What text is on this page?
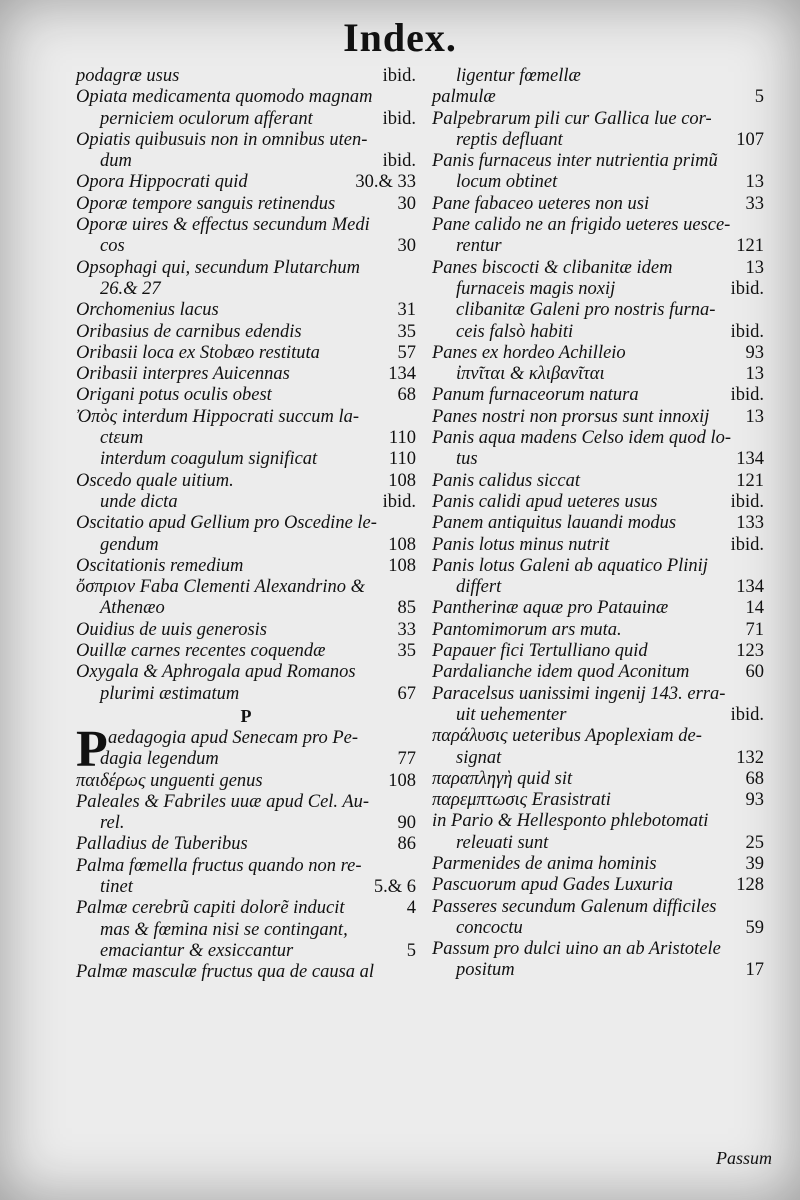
Index.
podagræ usus	ibid.
Opiata medicamenta quomodo magnam
perniciem oculorum afferant	ibid.
Opiatis quibusuis non in omnibus uten-
dum	ibid.
Opora Hippocrati quid	30.& 33
Oporæ tempore sanguis retinendus	30
Oporæ uires & effectus secundum Medi
cos	30
Opsophagi qui, secundum Plutarchum
26.& 27
Orchomenius lacus	31
Oribasius de carnibus edendis	35
Oribasii loca ex Stobæo restituta	57
Oribasii interpres Auicennas	134
Origani potus oculis obest	68
Ὀπὸς interdum Hippocrati succum la-
ctεum	110
interdum coagulum significat	110
Oscedo quale uitium.	108
unde dicta	ibid.
Oscitatio apud Gellium pro Oscedine le-
gendum	108
Oscitationis remedium	108
ὄσπριον Faba Clementi Alexandrino &
Athenæo	85
Ouidius de uuis generosis	33
Ouillæ carnes recentes coquendæ	35
Oxygala & Aphrogala apud Romanos
plurimi æstimatum	67
P
P aedagogia apud Senecam pro Pe-
dagia legendum	77
παιδέρως unguenti genus	108
Paleales & Fabriles uuæ apud Cel. Au-
rel.	90
Palladius de Tuberibus	86
Palma fœmella fructus quando non re-
tinet	5.& 6
Palmæ cerebrũ capiti dolorẽ inducit	4
mas & fœmina nisi se contingant,
emaciantur & exsiccantur	5
Palmæ masculæ fructus qua de causa al
ligentur fœmellæ
palmulæ	5
Palpebrarum pili cur Gallica lue cor-
reptis defluant	107
Panis furnaceus inter nutrientia primũ
locum obtinet	13
Pane fabaceo ueteres non usi	33
Pane calido ne an frigido ueteres uesce-
rentur	121
Panes biscocti & clibanitæ idem	13
furnaceis magis noxij	ibid.
clibanitæ Galeni pro nostris furna-
ceis falsò habiti	ibid.
Panes ex hordeo Achilleio	93
ἰπνῖται & κλιβανῖται	13
Panum furnaceorum natura	ibid.
Panes nostri non prorsus sunt innoxij 13
Panis aqua madens Celso idem quod lo-
tus	134
Panis calidus siccat	121
Panis calidi apud ueteres usus	ibid.
Panem antiquitus lauandi modus	133
Panis lotus minus nutrit	ibid.
Panis lotus Galeni ab aquatico Plinij
differt	134
Pantherinæ aquæ pro Patauinæ	14
Pantomimorum ars muta.	71
Papauer fici Tertulliano quid	123
Pardalianche idem quod Aconitum	60
Paracelsus uanissimi ingenij 143. erra-
uit uehementer	ibid.
παράλυσις ueteribus Apoplexiam de-
signat	132
παραπληγὴ quid sit	68
παρεμπτωσις Erasistrati	93
in Pario & Hellesponto phlebotomati
releuati sunt	25
Parmenides de anima hominis	39
Pascuorum apud Gades Luxuria	128
Passeres secundum Galenum difficiles
concoctu	59
Passum pro dulci uino an ab Aristotele
positum	17
Passum
